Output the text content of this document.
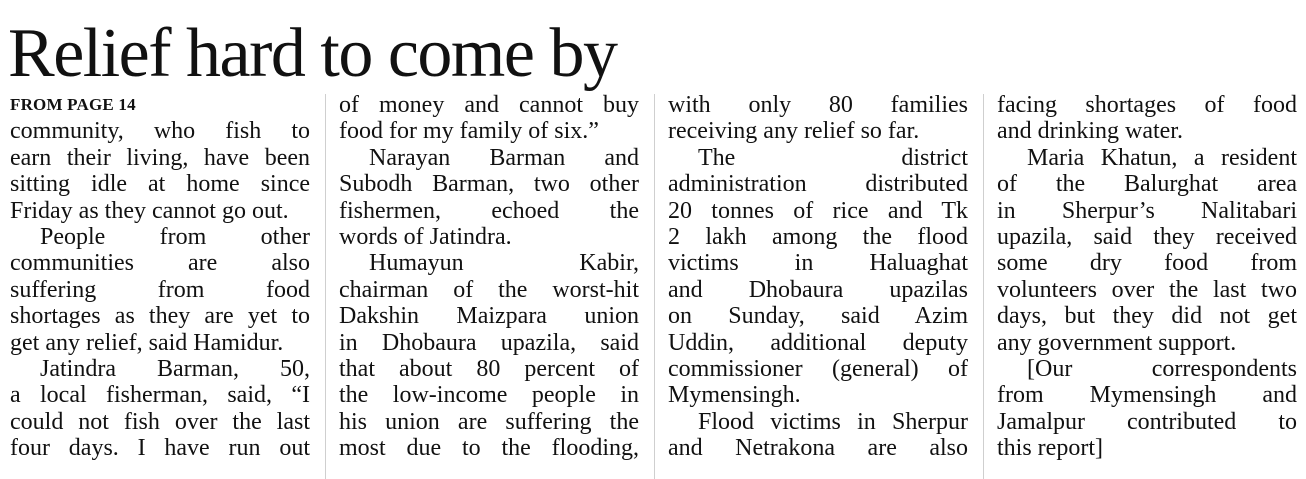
Relief hard to come by
FROM PAGE 14
community, who fish to
earn their living, have been
sitting idle at home since
Friday as they cannot go out.
People from other
communities are also
suffering from food
shortages as they are yet to
get any relief, said Hamidur.
Jatindra Barman, 50,
a local fisherman, said, “I
could not fish over the last
four days. I have run out
of money and cannot buy
food for my family of six.”
Narayan Barman and
Subodh Barman, two other
fishermen, echoed the
words of Jatindra.
Humayun Kabir,
chairman of the worst-hit
Dakshin Maizpara union
in Dhobaura upazila, said
that about 80 percent of
the low-income people in
his union are suffering the
most due to the flooding,
with only 80 families
receiving any relief so far.
The district
administration distributed
20 tonnes of rice and Tk
2 lakh among the flood
victims in Haluaghat
and Dhobaura upazilas
on Sunday, said Azim
Uddin, additional deputy
commissioner (general) of
Mymensingh.
Flood victims in Sherpur
and Netrakona are also
facing shortages of food
and drinking water.
Maria Khatun, a resident
of the Balurghat area
in Sherpur’s Nalitabari
upazila, said they received
some dry food from
volunteers over the last two
days, but they did not get
any government support.
[Our correspondents
from Mymensingh and
Jamalpur contributed to
this report]
